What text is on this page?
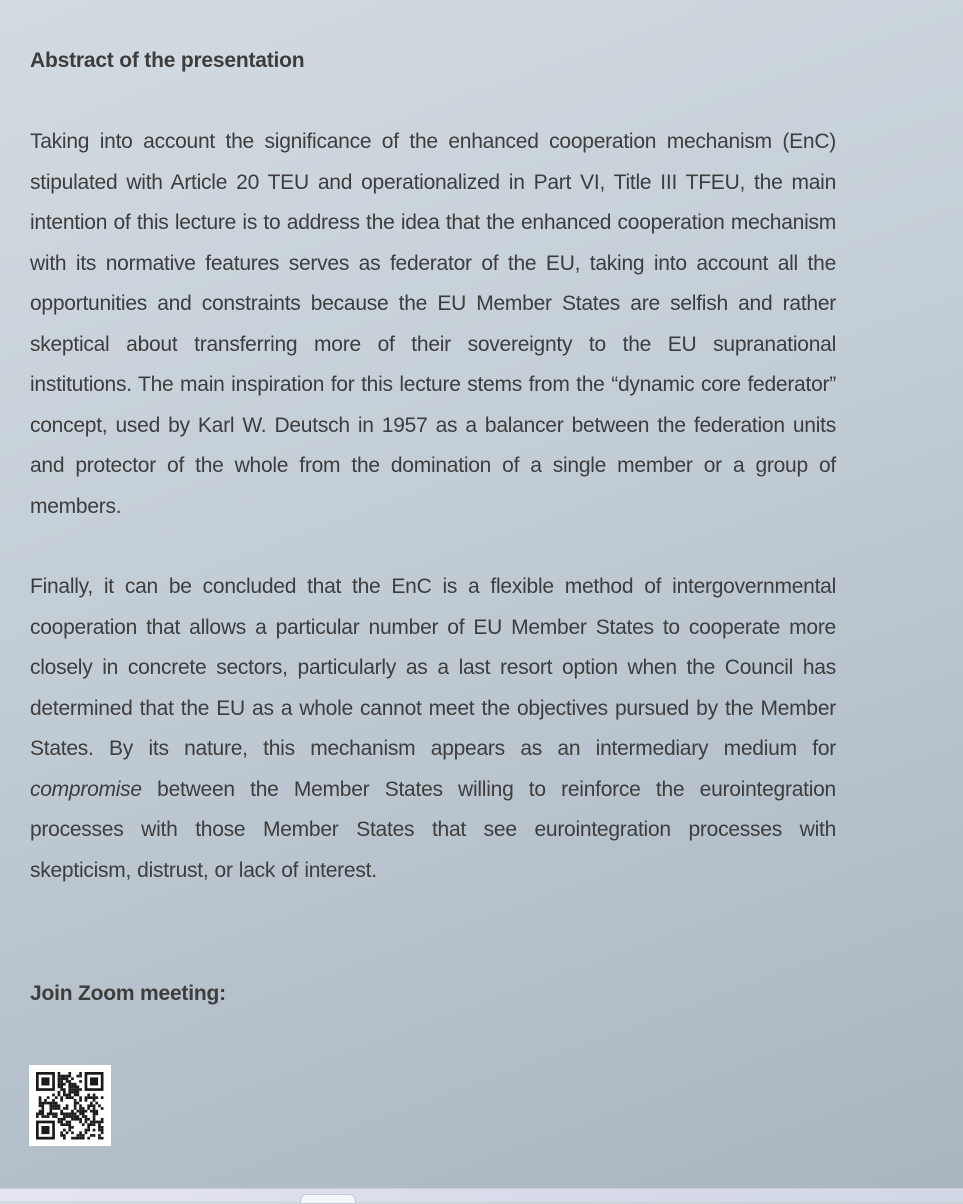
Abstract of the presentation

Taking into account the significance of the enhanced cooperation mechanism (EnC) stipulated with Article 20 TEU and operationalized in Part VI, Title III TFEU, the main intention of this lecture is to address the idea that the enhanced cooperation mechanism with its normative features serves as federator of the EU, taking into account all the opportunities and constraints because the EU Member States are selfish and rather skeptical about transferring more of their sovereignty to the EU supranational institutions. The main inspiration for this lecture stems from the “dynamic core federator” concept, used by Karl W. Deutsch in 1957 as a balancer between the federation units and protector of the whole from the domination of a single member or a group of members.

Finally, it can be concluded that the EnC is a flexible method of intergovernmental cooperation that allows a particular number of EU Member States to cooperate more closely in concrete sectors, particularly as a last resort option when the Council has determined that the EU as a whole cannot meet the objectives pursued by the Member States. By its nature, this mechanism appears as an intermediary medium for compromise between the Member States willing to reinforce the eurointegration processes with those Member States that see eurointegration processes with skepticism, distrust, or lack of interest.

Join Zoom meeting:
